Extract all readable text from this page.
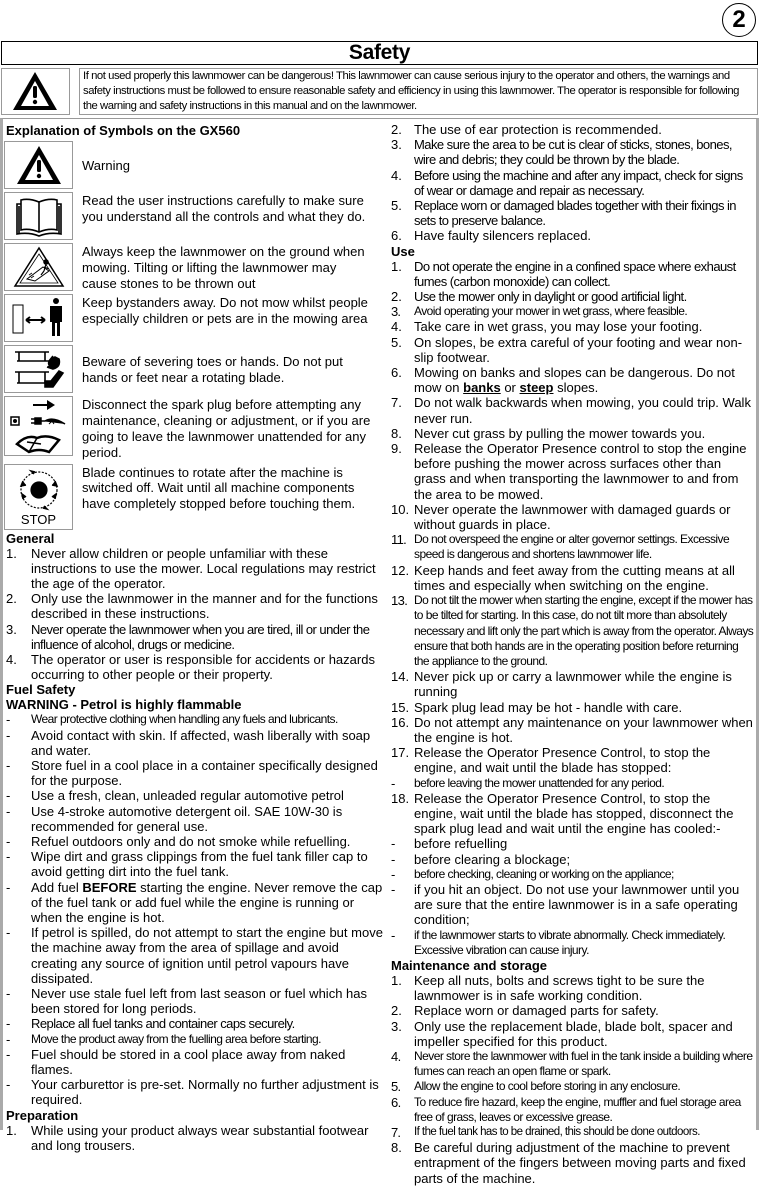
2
Safety
If not used properly this lawnmower can be dangerous! This lawnmower can cause serious injury to the operator and others, the warnings and safety instructions must be followed to ensure reasonable safety and efficiency in using this lawnmower. The operator is responsible for following the warning and safety instructions in this manual and on the lawnmower.
Explanation of Symbols on the GX560
Warning
Read the user instructions carefully to make sure you understand all the controls and what they do.
Always keep the lawnmower on the ground when mowing. Tilting or lifting the lawnmower may cause stones to be thrown out
Keep bystanders away. Do not mow whilst people especially children or pets are in the mowing area
Beware of severing toes or hands. Do not put hands or feet near a rotating blade.
Disconnect the spark plug before attempting any maintenance, cleaning or adjustment, or if you are going to leave the lawnmower unattended for any period.
STOP
Blade continues to rotate after the machine is switched off. Wait until all machine components have completely stopped before touching them.
General
1.	Never allow children or people unfamiliar with these instructions to use the mower. Local regulations may restrict the age of the operator.
2.	Only use the lawnmower in the manner and for the functions described in these instructions.
3.	Never operate the lawnmower when you are tired, ill or under the influence of alcohol, drugs or medicine.
4.	The operator or user is responsible for accidents or hazards occurring to other people or their property.
Fuel Safety
WARNING - Petrol is highly flammable
-	Wear protective clothing when handling any fuels and lubricants.
-	Avoid contact with skin. If affected, wash liberally with soap and water.
-	Store fuel in a cool place in a container specifically designed for the purpose.
-	Use a fresh, clean, unleaded regular automotive petrol
-	Use 4-stroke automotive detergent oil. SAE 10W-30 is recommended for general use.
-	Refuel outdoors only and do not smoke while refuelling.
-	Wipe dirt and grass clippings from the fuel tank filler cap to avoid getting dirt into the fuel tank.
-	Add fuel BEFORE starting the engine. Never remove the cap of the fuel tank or add fuel while the engine is running or when the engine is hot.
-	If petrol is spilled, do not attempt to start the engine but move the machine away from the area of spillage and avoid creating any source of ignition until petrol vapours have dissipated.
-	Never use stale fuel left from last season or fuel which has been stored for long periods.
-	Replace all fuel tanks and container caps securely.
-	Move the product away from the fuelling area before starting.
-	Fuel should be stored in a cool place away from naked flames.
-	Your carburettor is pre-set. Normally no further adjustment is required.
Preparation
1.	While using your product always wear substantial footwear and long trousers.
2. The use of ear protection is recommended.
3. Make sure the area to be cut is clear of sticks, stones, bones, wire and debris; they could be thrown by the blade.
4. Before using the machine and after any impact, check for signs of wear or damage and repair as necessary.
5. Replace worn or damaged blades together with their fixings in sets to preserve balance.
6. Have faulty silencers replaced.
Use
1. Do not operate the engine in a confined space where exhaust fumes (carbon monoxide) can collect.
2. Use the mower only in daylight or good artificial light.
3.	Avoid operating your mower in wet grass, where feasible.
4. Take care in wet grass, you may lose your footing.
5. On slopes, be extra careful of your footing and wear non-slip footwear.
6. Mowing on banks and slopes can be dangerous. Do not mow on banks or steep slopes.
7. Do not walk backwards when mowing, you could trip. Walk never run.
8. Never cut grass by pulling the mower towards you.
9. Release the Operator Presence control to stop the engine before pushing the mower across surfaces other than grass and when transporting the lawnmower to and from the area to be mowed.
10. Never operate the lawnmower with damaged guards or without guards in place.
11. Do not overspeed the engine or alter governor settings. Excessive speed is dangerous and shortens lawnmower life.
12. Keep hands and feet away from the cutting means at all times and especially when switching on the engine.
13. Do not tilt the mower when starting the engine, except if the mower has to be tilted for starting. In this case, do not tilt more than absolutely necessary and lift only the part which is away from the operator. Always ensure that both hands are in the operating position before returning the appliance to the ground.
14. Never pick up or carry a lawnmower while the engine is running
15. Spark plug lead may be hot - handle with care.
16. Do not attempt any maintenance on your lawnmower when the engine is hot.
17. Release the Operator Presence Control, to stop the engine, and wait until the blade has stopped:
-	before leaving the mower unattended for any period.
18. Release the Operator Presence Control, to stop the engine, wait until the blade has stopped, disconnect the spark plug lead and wait until the engine has cooled:-
-	before refuelling
-	before clearing a blockage;
-	before checking, cleaning or working on the appliance;
-	if you hit an object. Do not use your lawnmower until you are sure that the entire lawnmower is in a safe operating condition;
-	if the lawnmower starts to vibrate abnormally. Check immediately. Excessive vibration can cause injury.
Maintenance and storage
1. Keep all nuts, bolts and screws tight to be sure the lawnmower is in safe working condition.
2. Replace worn or damaged parts for safety.
3. Only use the replacement blade, blade bolt, spacer and impeller specified for this product.
4.	Never store the lawnmower with fuel in the tank inside a building where fumes can reach an open flame or spark.
5.	Allow the engine to cool before storing in any enclosure.
6.	To reduce fire hazard, keep the engine, muffler and fuel storage area free of grass, leaves or excessive grease.
7.	If the fuel tank has to be drained, this should be done outdoors.
8. Be careful during adjustment of the machine to prevent entrapment of the fingers between moving parts and fixed parts of the machine.
